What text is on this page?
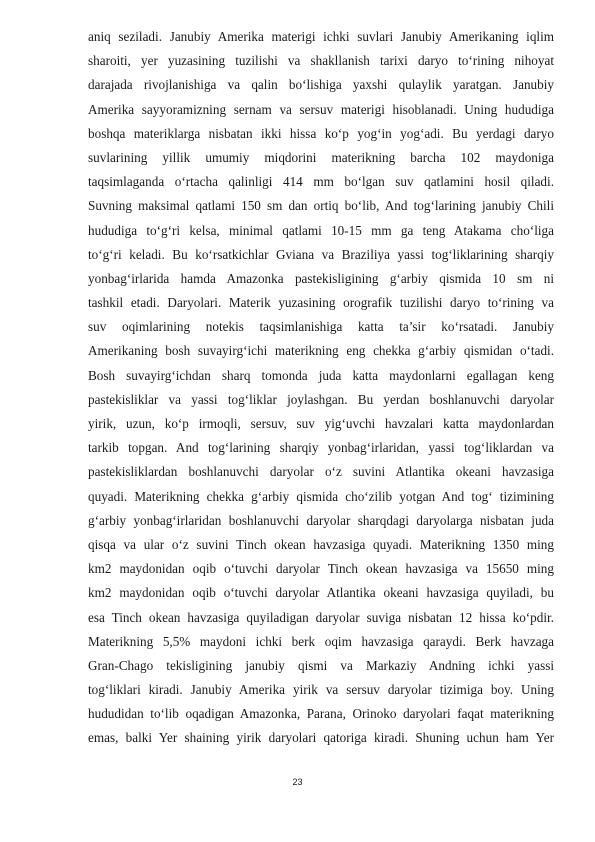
aniq seziladi. Janubiy Amerika materigi ichki suvlari Janubiy Amerikaning iqlim
sharoiti, yer yuzasining tuzilishi va shakllanish tarixi daryo to‘rining nihoyat
darajada rivojlanishiga va qalin bo‘lishiga yaxshi qulaylik yaratgan. Janubiy
Amerika sayyoramizning sernam va sersuv materigi hisoblanadi. Uning hududiga
boshqa materiklarga nisbatan ikki hissa ko‘p yog‘in yog‘adi. Bu yerdagi daryo
suvlarining yillik umumiy miqdorini materikning barcha 102 maydoniga
taqsimlaganda o‘rtacha qalinligi 414 mm bo‘lgan suv qatlamini hosil qiladi.
Suvning maksimal qatlami 150 sm dan ortiq bo‘lib, And tog‘larining janubiy Chili
hududiga to‘g‘ri kelsa, minimal qatlami 10-15 mm ga teng Atakama cho‘liga
to‘g‘ri keladi. Bu ko‘rsatkichlar Gviana va Braziliya yassi tog‘liklarining sharqiy
yonbag‘irlarida hamda Amazonka pastekisligining g‘arbiy qismida 10 sm ni
tashkil etadi. Daryolari. Materik yuzasining orografik tuzilishi daryo to‘rining va
suv oqimlarining notekis taqsimlanishiga katta ta’sir ko‘rsatadi. Janubiy
Amerikaning bosh suvayirg‘ichi materikning eng chekka g‘arbiy qismidan o‘tadi.
Bosh suvayirg‘ichdan sharq tomonda juda katta maydonlarni egallagan keng
pastekisliklar va yassi tog‘liklar joylashgan. Bu yerdan boshlanuvchi daryolar
yirik, uzun, ko‘p irmoqli, sersuv, suv yig‘uvchi havzalari katta maydonlardan
tarkib topgan. And tog‘larining sharqiy yonbag‘irlaridan, yassi tog‘liklardan va
pastekisliklardan boshlanuvchi daryolar o‘z suvini Atlantika okeani havzasiga
quyadi. Materikning chekka g‘arbiy qismida cho‘zilib yotgan And tog‘ tizimining
g‘arbiy yonbag‘irlaridan boshlanuvchi daryolar sharqdagi daryolarga nisbatan juda
qisqa va ular o‘z suvini Tinch okean havzasiga quyadi. Materikning 1350 ming
km2 maydonidan oqib o‘tuvchi daryolar Tinch okean havzasiga va 15650 ming
km2 maydonidan oqib o‘tuvchi daryolar Atlantika okeani havzasiga quyiladi, bu
esa Tinch okean havzasiga quyiladigan daryolar suviga nisbatan 12 hissa ko‘pdir.
Materikning 5,5% maydoni ichki berk oqim havzasiga qaraydi. Berk havzaga
Gran-Chago tekisligining janubiy qismi va Markaziy Andning ichki yassi
tog‘liklari kiradi. Janubiy Amerika yirik va sersuv daryolar tizimiga boy. Uning
hududidan to‘lib oqadigan Amazonka, Parana, Orinoko daryolari faqat materikning
emas, balki Yer shaining yirik daryolari qatoriga kiradi. Shuning uchun ham Yer
23
